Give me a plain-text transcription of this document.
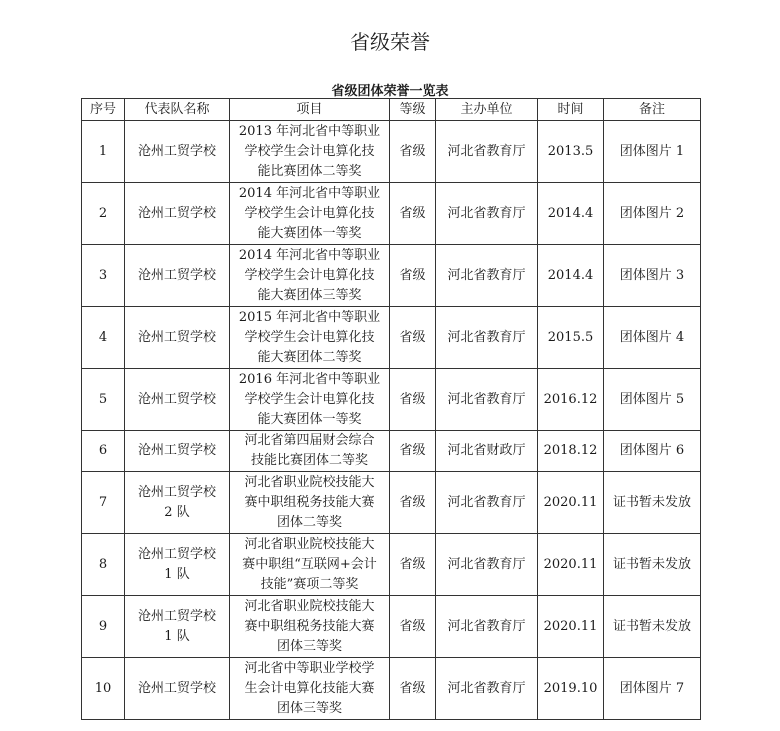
省级荣誉
省级团体荣誉一览表
序号	代表队名称	项目	等级	主办单位	时间	备注
1	沧州工贸学校	2013 年河北省中等职业
学校学生会计电算化技
能比赛团体二等奖	省级	河北省教育厅	2013.5	团体图片 1
2	沧州工贸学校	2014 年河北省中等职业
学校学生会计电算化技
能大赛团体一等奖	省级	河北省教育厅	2014.4	团体图片 2
3	沧州工贸学校	2014 年河北省中等职业
学校学生会计电算化技
能大赛团体三等奖	省级	河北省教育厅	2014.4	团体图片 3
4	沧州工贸学校	2015 年河北省中等职业
学校学生会计电算化技
能大赛团体二等奖	省级	河北省教育厅	2015.5	团体图片 4
5	沧州工贸学校	2016 年河北省中等职业
学校学生会计电算化技
能大赛团体一等奖	省级	河北省教育厅	2016.12	团体图片 5
6	沧州工贸学校	河北省第四届财会综合
技能比赛团体二等奖	省级	河北省财政厅	2018.12	团体图片 6
7	沧州工贸学校
2 队	河北省职业院校技能大
赛中职组税务技能大赛
团体二等奖	省级	河北省教育厅	2020.11	证书暂未发放
8	沧州工贸学校
1 队	河北省职业院校技能大
赛中职组“互联网+会计
技能”赛项二等奖	省级	河北省教育厅	2020.11	证书暂未发放
9	沧州工贸学校
1 队	河北省职业院校技能大
赛中职组税务技能大赛
团体三等奖	省级	河北省教育厅	2020.11	证书暂未发放
10	沧州工贸学校	河北省中等职业学校学
生会计电算化技能大赛
团体三等奖	省级	河北省教育厅	2019.10	团体图片 7
